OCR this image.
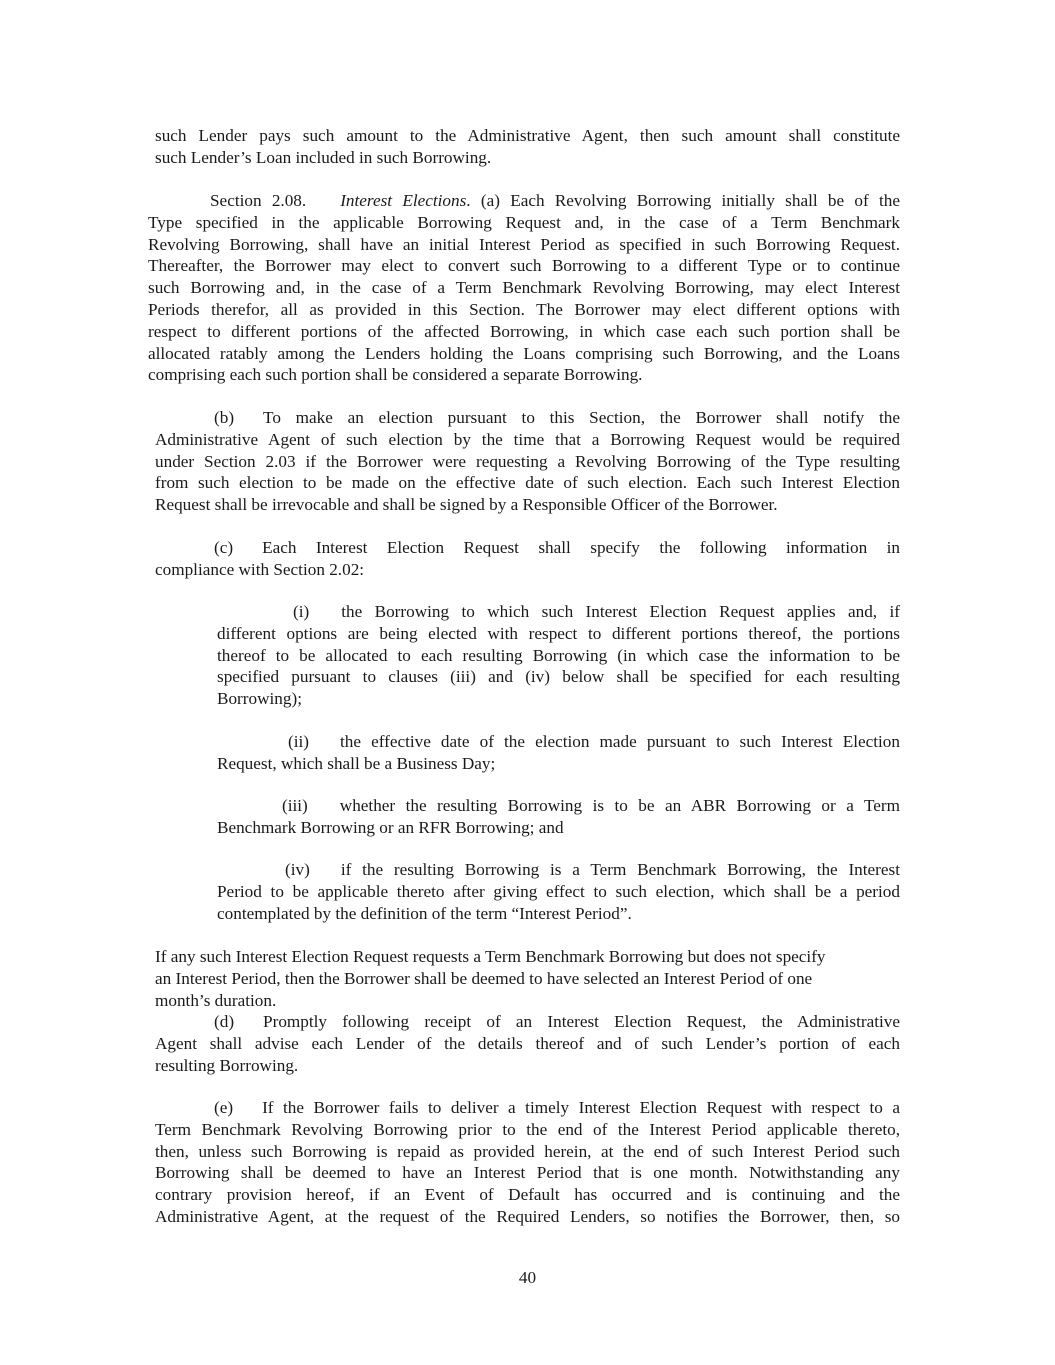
such Lender pays such amount to the Administrative Agent, then such amount shall constitute
such Lender’s Loan included in such Borrowing.
Section 2.08. Interest Elections. (a) Each Revolving Borrowing initially shall be of the
Type specified in the applicable Borrowing Request and, in the case of a Term Benchmark
Revolving Borrowing, shall have an initial Interest Period as specified in such Borrowing Request.
Thereafter, the Borrower may elect to convert such Borrowing to a different Type or to continue
such Borrowing and, in the case of a Term Benchmark Revolving Borrowing, may elect Interest
Periods therefor, all as provided in this Section. The Borrower may elect different options with
respect to different portions of the affected Borrowing, in which case each such portion shall be
allocated ratably among the Lenders holding the Loans comprising such Borrowing, and the Loans
comprising each such portion shall be considered a separate Borrowing.
(b) To make an election pursuant to this Section, the Borrower shall notify the
Administrative Agent of such election by the time that a Borrowing Request would be required
under Section 2.03 if the Borrower were requesting a Revolving Borrowing of the Type resulting
from such election to be made on the effective date of such election. Each such Interest Election
Request shall be irrevocable and shall be signed by a Responsible Officer of the Borrower.
(c) Each Interest Election Request shall specify the following information in
compliance with Section 2.02:
(i) the Borrowing to which such Interest Election Request applies and, if
different options are being elected with respect to different portions thereof, the portions
thereof to be allocated to each resulting Borrowing (in which case the information to be
specified pursuant to clauses (iii) and (iv) below shall be specified for each resulting
Borrowing);
(ii) the effective date of the election made pursuant to such Interest Election
Request, which shall be a Business Day;
(iii) whether the resulting Borrowing is to be an ABR Borrowing or a Term
Benchmark Borrowing or an RFR Borrowing; and
(iv) if the resulting Borrowing is a Term Benchmark Borrowing, the Interest
Period to be applicable thereto after giving effect to such election, which shall be a period
contemplated by the definition of the term “Interest Period”.
If any such Interest Election Request requests a Term Benchmark Borrowing but does not specify
an Interest Period, then the Borrower shall be deemed to have selected an Interest Period of one
month’s duration.
(d) Promptly following receipt of an Interest Election Request, the Administrative
Agent shall advise each Lender of the details thereof and of such Lender’s portion of each
resulting Borrowing.
(e) If the Borrower fails to deliver a timely Interest Election Request with respect to a
Term Benchmark Revolving Borrowing prior to the end of the Interest Period applicable thereto,
then, unless such Borrowing is repaid as provided herein, at the end of such Interest Period such
Borrowing shall be deemed to have an Interest Period that is one month. Notwithstanding any
contrary provision hereof, if an Event of Default has occurred and is continuing and the
Administrative Agent, at the request of the Required Lenders, so notifies the Borrower, then, so

40
